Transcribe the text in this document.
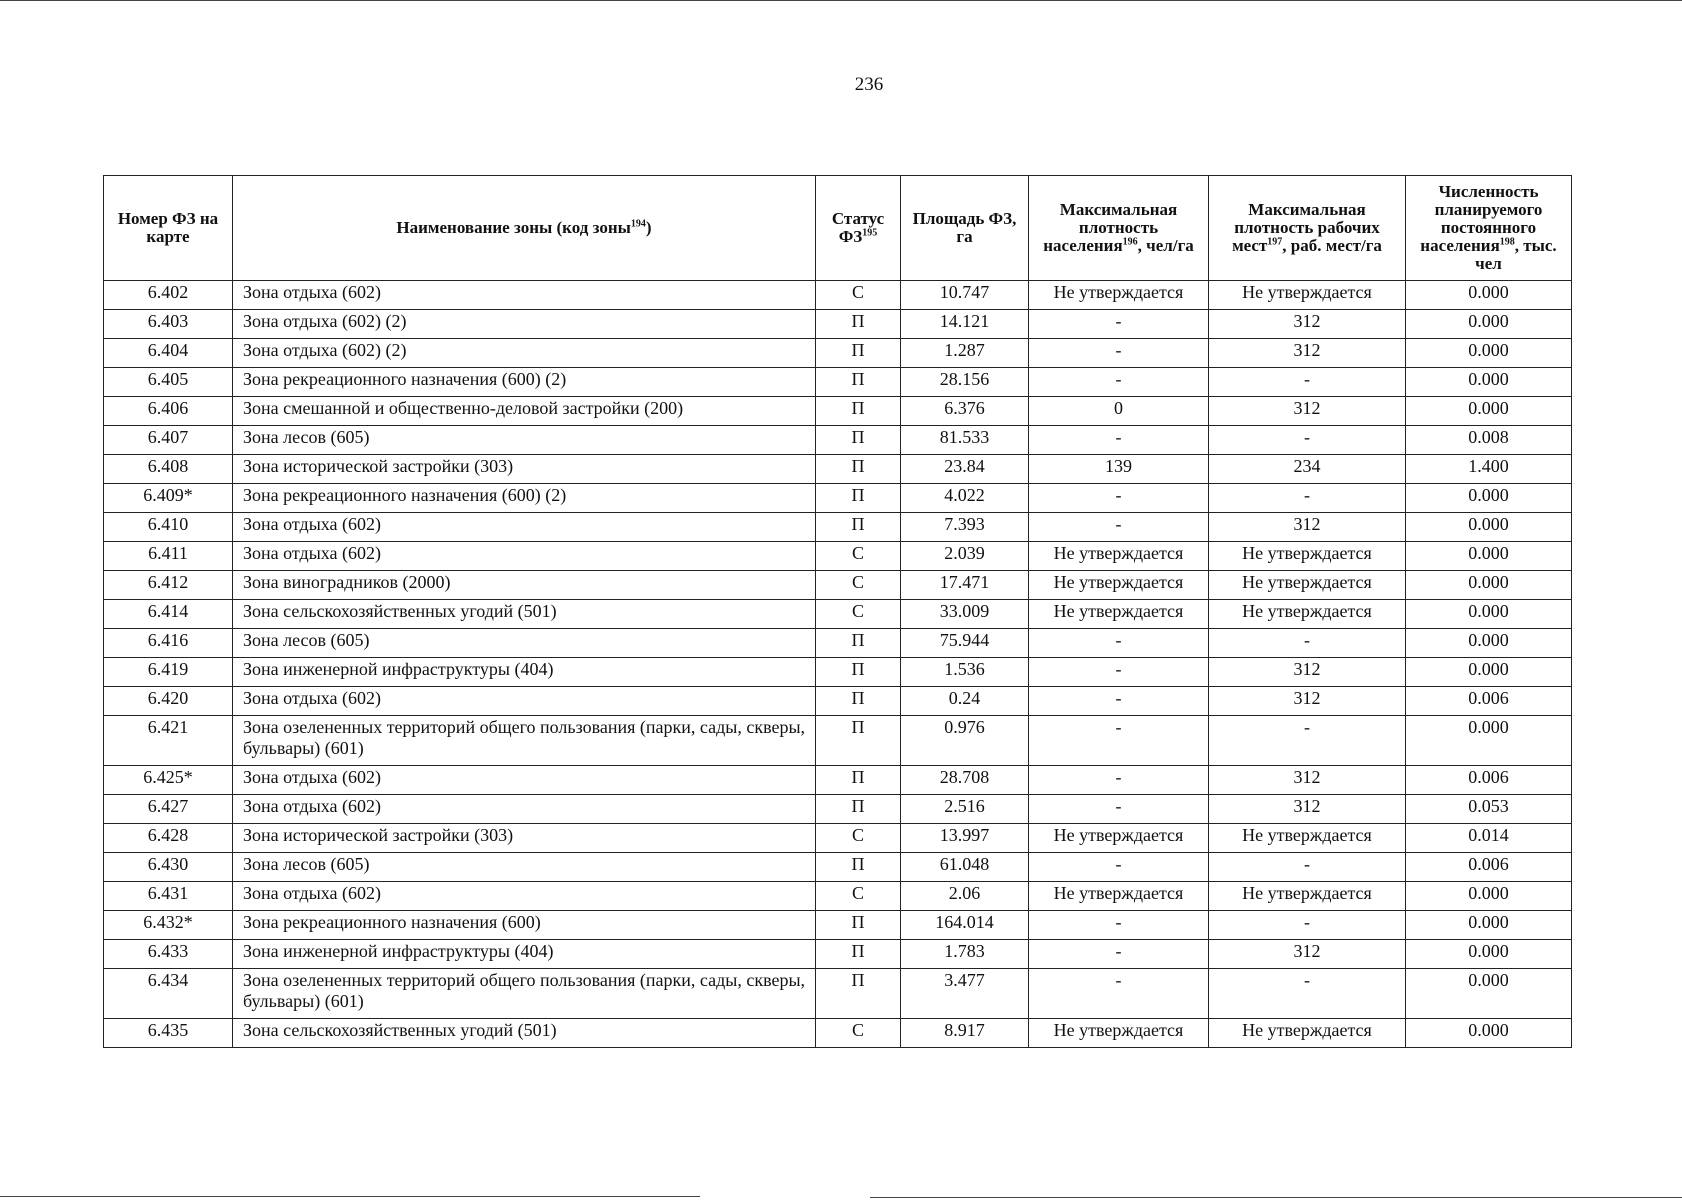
236
Номер ФЗ на карте	Наименование зоны (код зоны$^{194}$)	Статус ФЗ$^{195}$	Площадь ФЗ, га	Максимальная плотность населения$^{196}$, чел/га	Максимальная плотность рабочих мест$^{197}$, раб. мест/га	Численность планируемого постоянного населения$^{198}$, тыс. чел
6.402	Зона отдыха (602)	С	10.747	Не утверждается	Не утверждается	0.000
6.403	Зона отдыха (602) (2)	П	14.121	-	312	0.000
6.404	Зона отдыха (602) (2)	П	1.287	-	312	0.000
6.405	Зона рекреационного назначения (600) (2)	П	28.156	-	-	0.000
6.406	Зона смешанной и общественно-деловой застройки (200)	П	6.376	0	312	0.000
6.407	Зона лесов (605)	П	81.533	-	-	0.008
6.408	Зона исторической застройки (303)	П	23.84	139	234	1.400
6.409*	Зона рекреационного назначения (600) (2)	П	4.022	-	-	0.000
6.410	Зона отдыха (602)	П	7.393	-	312	0.000
6.411	Зона отдыха (602)	С	2.039	Не утверждается	Не утверждается	0.000
6.412	Зона виноградников (2000)	С	17.471	Не утверждается	Не утверждается	0.000
6.414	Зона сельскохозяйственных угодий (501)	С	33.009	Не утверждается	Не утверждается	0.000
6.416	Зона лесов (605)	П	75.944	-	-	0.000
6.419	Зона инженерной инфраструктуры (404)	П	1.536	-	312	0.000
6.420	Зона отдыха (602)	П	0.24	-	312	0.006
6.421	Зона озелененных территорий общего пользования (парки, сады, скверы, бульвары) (601)	П	0.976	-	-	0.000
6.425*	Зона отдыха (602)	П	28.708	-	312	0.006
6.427	Зона отдыха (602)	П	2.516	-	312	0.053
6.428	Зона исторической застройки (303)	С	13.997	Не утверждается	Не утверждается	0.014
6.430	Зона лесов (605)	П	61.048	-	-	0.006
6.431	Зона отдыха (602)	С	2.06	Не утверждается	Не утверждается	0.000
6.432*	Зона рекреационного назначения (600)	П	164.014	-	-	0.000
6.433	Зона инженерной инфраструктуры (404)	П	1.783	-	312	0.000
6.434	Зона озелененных территорий общего пользования (парки, сады, скверы, бульвары) (601)	П	3.477	-	-	0.000
6.435	Зона сельскохозяйственных угодий (501)	С	8.917	Не утверждается	Не утверждается	0.000
